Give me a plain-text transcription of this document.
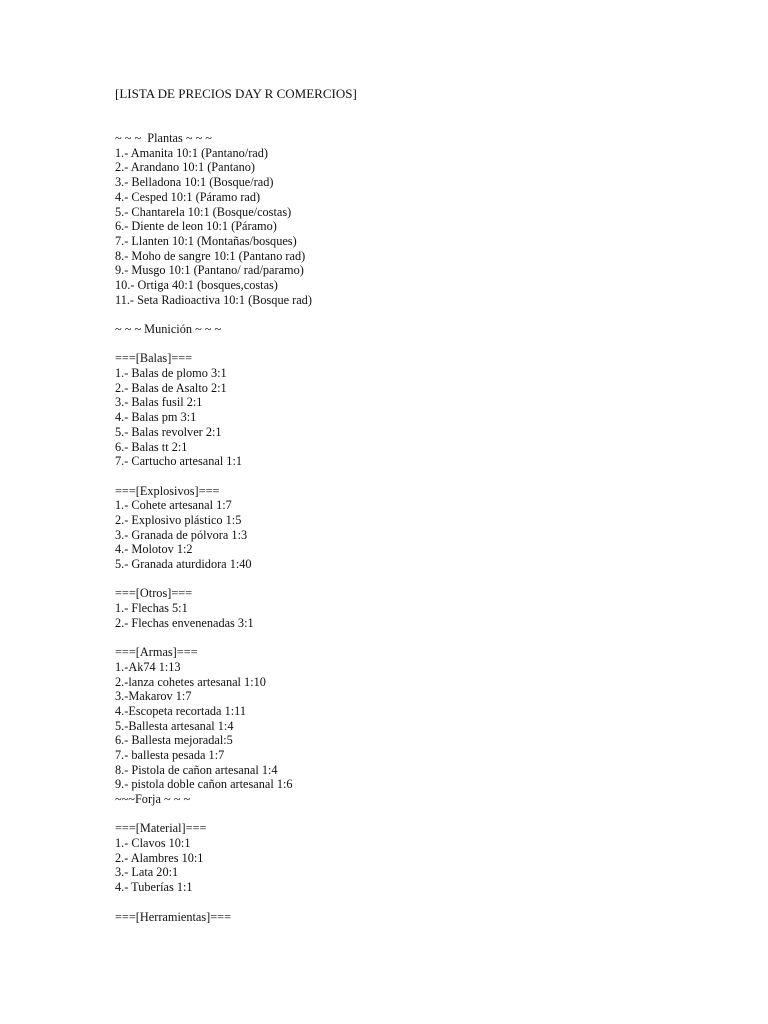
[LISTA DE PRECIOS DAY R COMERCIOS]
~ ~ ~  Plantas ~ ~ ~
1.- Amanita 10:1 (Pantano/rad)
2.- Arandano 10:1 (Pantano)
3.- Belladona 10:1 (Bosque/rad)
4.- Cesped 10:1 (Páramo rad)
5.- Chantarela 10:1 (Bosque/costas)
6.- Diente de leon 10:1 (Páramo)
7.- Llanten 10:1 (Montañas/bosques)
8.- Moho de sangre 10:1 (Pantano rad)
9.- Musgo 10:1 (Pantano/ rad/paramo)
10.- Ortiga 40:1 (bosques,costas)
11.- Seta Radioactiva 10:1 (Bosque rad)
~ ~ ~ Munición ~ ~ ~
===[Balas]===
1.- Balas de plomo 3:1
2.- Balas de Asalto 2:1
3.- Balas fusil 2:1
4.- Balas pm 3:1
5.- Balas revolver 2:1
6.- Balas tt 2:1
7.- Cartucho artesanal 1:1
===[Explosivos]===
1.- Cohete artesanal 1:7
2.- Explosivo plástico 1:5
3.- Granada de pólvora 1:3
4.- Molotov 1:2
5.- Granada aturdidora 1:40
===[Otros]===
1.- Flechas 5:1
2.- Flechas envenenadas 3:1
===[Armas]===
1.-Ak74 1:13
2.-lanza cohetes artesanal 1:10
3.-Makarov 1:7
4.-Escopeta recortada 1:11
5.-Ballesta artesanal 1:4
6.- Ballesta mejoradal:5
7.- ballesta pesada 1:7
8.- Pistola de cañon artesanal 1:4
9.- pistola doble cañon artesanal 1:6
~~~Forja ~ ~ ~
===[Material]===
1.- Clavos 10:1
2.- Alambres 10:1
3.- Lata 20:1
4.- Tuberías 1:1
===[Herramientas]===
